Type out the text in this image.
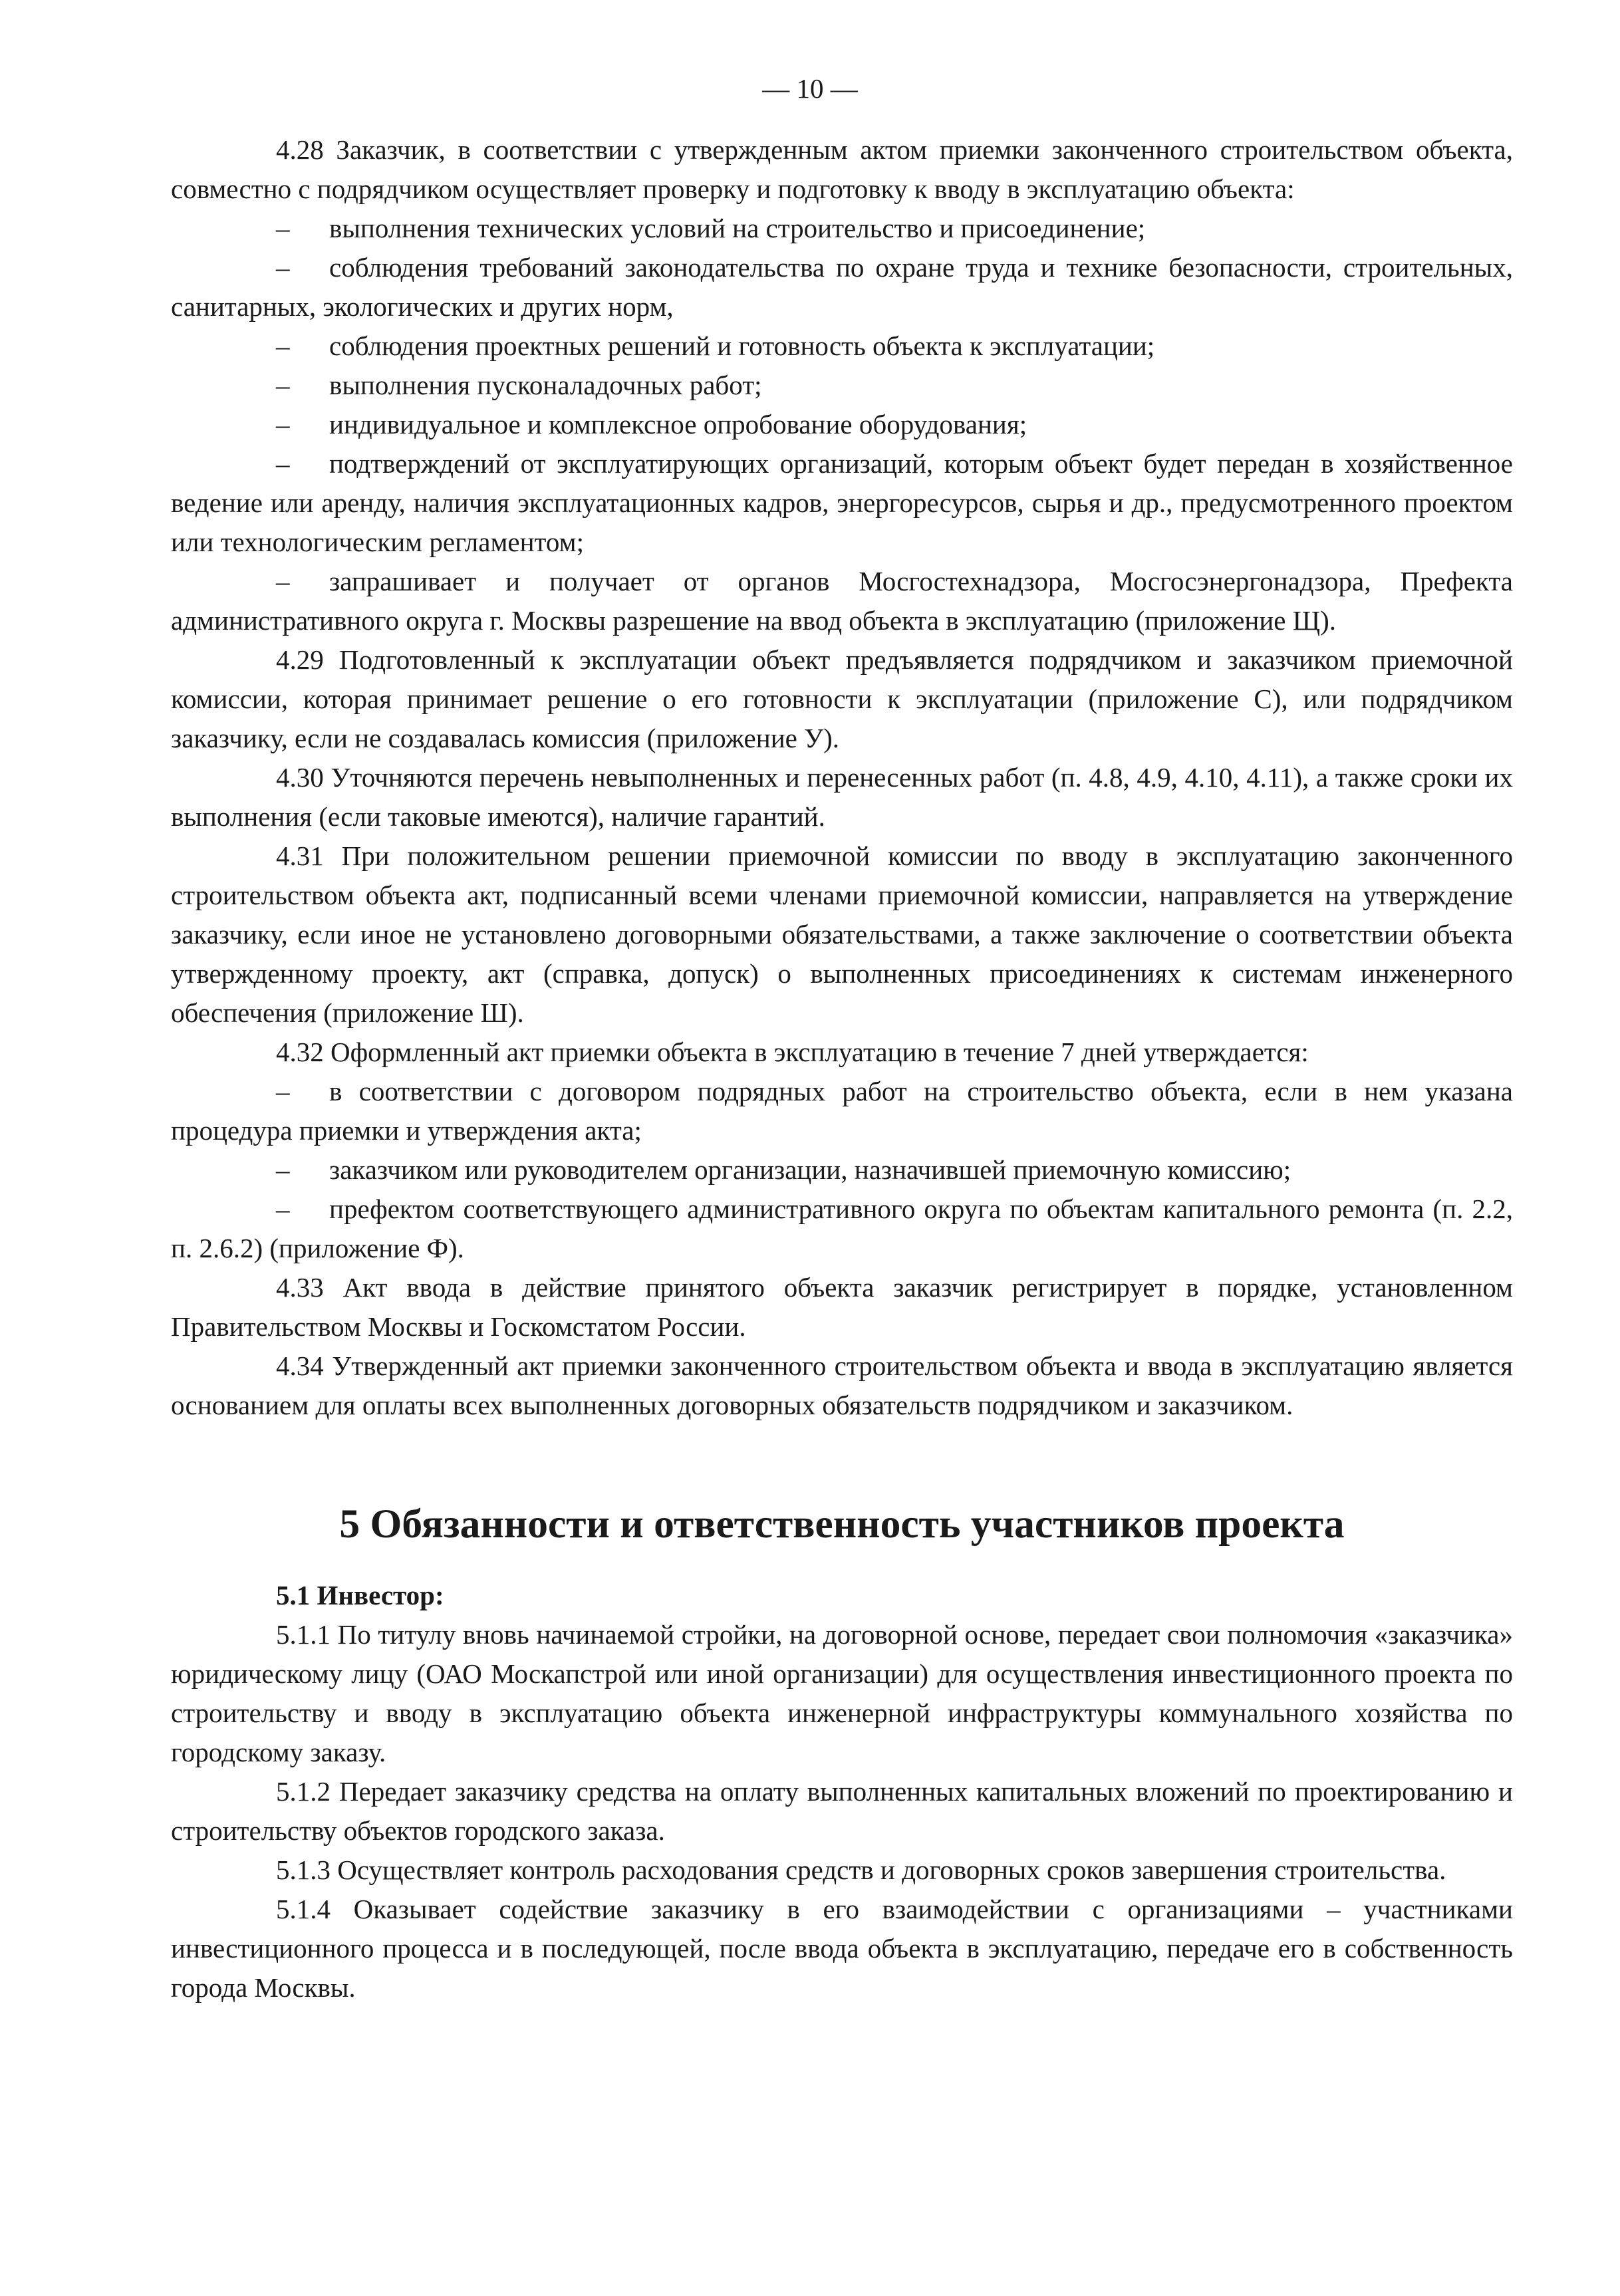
— 10 —

4.28 Заказчик, в соответствии с утвержденным актом приемки законченного строительством объекта, совместно с подрядчиком осуществляет проверку и подготовку к вводу в эксплуатацию объекта:

– выполнения технических условий на строительство и присоединение;

– соблюдения требований законодательства по охране труда и технике безопасности, строительных, санитарных, экологических и других норм,

– соблюдения проектных решений и готовность объекта к эксплуатации;

– выполнения пусконаладочных работ;

– индивидуальное и комплексное опробование оборудования;

– подтверждений от эксплуатирующих организаций, которым объект будет передан в хозяйственное ведение или аренду, наличия эксплуатационных кадров, энергоресурсов, сырья и др., предусмотренного проектом или технологическим регламентом;

– запрашивает и получает от органов Мосгостехнадзора, Мосгосэнергонадзора, Префекта административного округа г. Москвы разрешение на ввод объекта в эксплуатацию (приложение Щ).

4.29 Подготовленный к эксплуатации объект предъявляется подрядчиком и заказчиком приемочной комиссии, которая принимает решение о его готовности к эксплуатации (приложение С), или подрядчиком заказчику, если не создавалась комиссия (приложение У).

4.30 Уточняются перечень невыполненных и перенесенных работ (п. 4.8, 4.9, 4.10, 4.11), а также сроки их выполнения (если таковые имеются), наличие гарантий.

4.31 При положительном решении приемочной комиссии по вводу в эксплуатацию законченного строительством объекта акт, подписанный всеми членами приемочной комиссии, направляется на утверждение заказчику, если иное не установлено договорными обязательствами, а также заключение о соответствии объекта утвержденному проекту, акт (справка, допуск) о выполненных присоединениях к системам инженерного обеспечения (приложение Ш).

4.32 Оформленный акт приемки объекта в эксплуатацию в течение 7 дней утверждается:

– в соответствии с договором подрядных работ на строительство объекта, если в нем указана процедура приемки и утверждения акта;

– заказчиком или руководителем организации, назначившей приемочную комиссию;

– префектом соответствующего административного округа по объектам капитального ремонта (п. 2.2, п. 2.6.2) (приложение Ф).

4.33 Акт ввода в действие принятого объекта заказчик регистрирует в порядке, установленном Правительством Москвы и Госкомстатом России.

4.34 Утвержденный акт приемки законченного строительством объекта и ввода в эксплуатацию является основанием для оплаты всех выполненных договорных обязательств подрядчиком и заказчиком.

5 Обязанности и ответственность участников проекта

5.1 Инвестор:

5.1.1 По титулу вновь начинаемой стройки, на договорной основе, передает свои полномочия «заказчика» юридическому лицу (ОАО Москапстрой или иной организации) для осуществления инвестиционного проекта по строительству и вводу в эксплуатацию объекта инженерной инфраструктуры коммунального хозяйства по городскому заказу.

5.1.2 Передает заказчику средства на оплату выполненных капитальных вложений по проектированию и строительству объектов городского заказа.

5.1.3 Осуществляет контроль расходования средств и договорных сроков завершения строительства.

5.1.4 Оказывает содействие заказчику в его взаимодействии с организациями – участниками инвестиционного процесса и в последующей, после ввода объекта в эксплуатацию, передаче его в собственность города Москвы.
